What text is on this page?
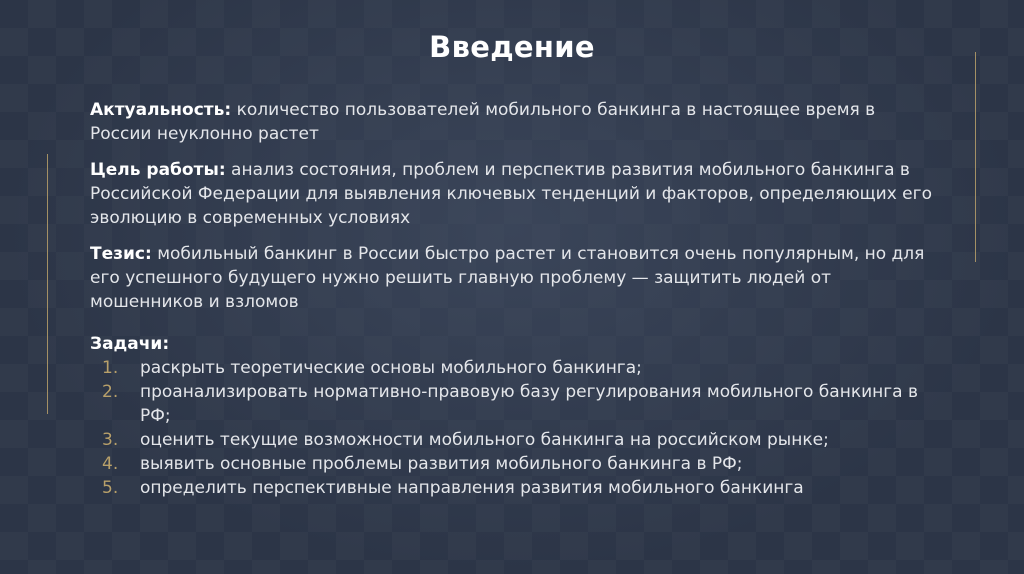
Введение

Актуальность: количество пользователей мобильного банкинга в настоящее время в России неуклонно растет

Цель работы: анализ состояния, проблем и перспектив развития мобильного банкинга в Российской Федерации для выявления ключевых тенденций и факторов, определяющих его эволюцию в современных условиях

Тезис: мобильный банкинг в России быстро растет и становится очень популярным, но для его успешного будущего нужно решить главную проблему — защитить людей от мошенников и взломов

Задачи:
1.	раскрыть теоретические основы мобильного банкинга;
2.	проанализировать нормативно-правовую базу регулирования мобильного банкинга в РФ;
3.	оценить текущие возможности мобильного банкинга на российском рынке;
4.	выявить основные проблемы развития мобильного банкинга в РФ;
5.	определить перспективные направления развития мобильного банкинга
